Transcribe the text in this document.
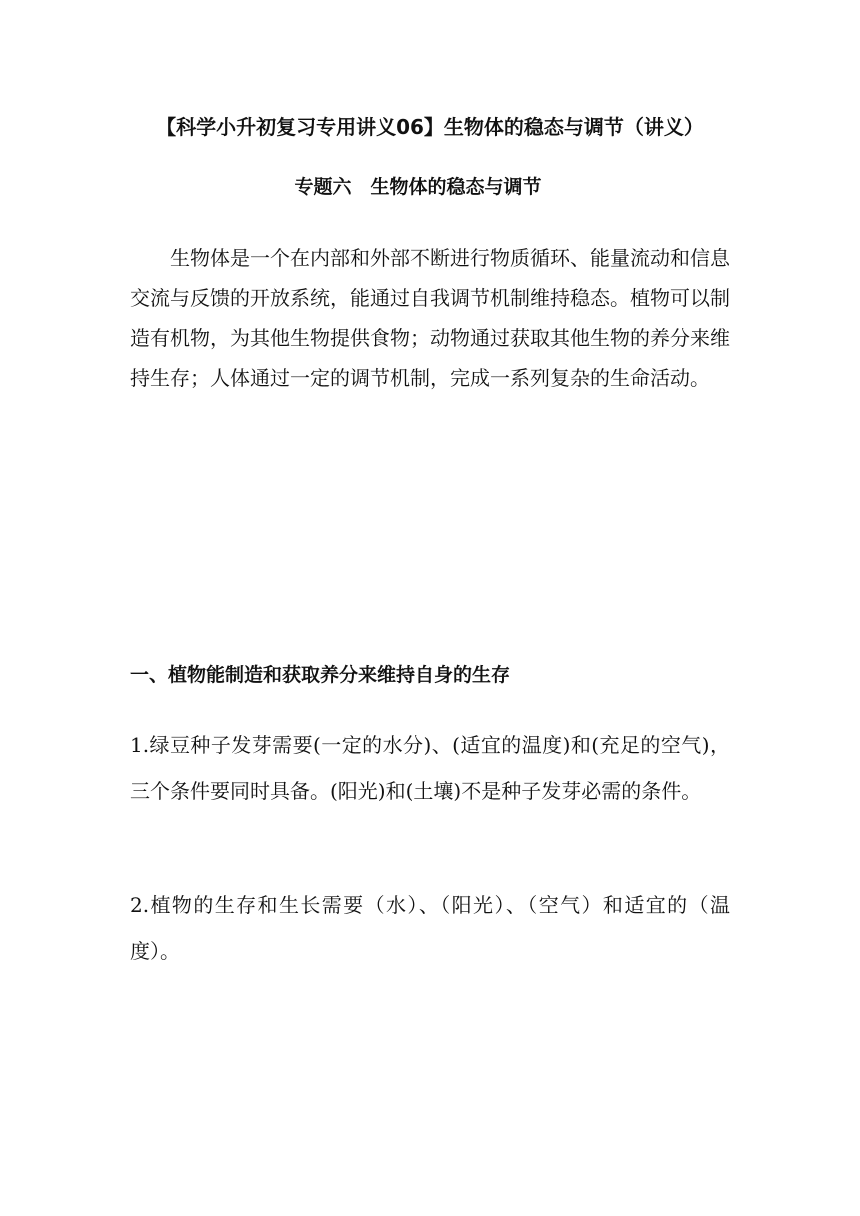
【科学小升初复习专用讲义06】生物体的稳态与调节（讲义）
专题六　生物体的稳态与调节

生物体是一个在内部和外部不断进行物质循环、能量流动和信息交流与反馈的开放系统，能通过自我调节机制维持稳态。植物可以制造有机物，为其他生物提供食物；动物通过获取其他生物的养分来维持生存；人体通过一定的调节机制，完成一系列复杂的生命活动。

一、植物能制造和获取养分来维持自身的生存

1.绿豆种子发芽需要(一定的水分)、(适宜的温度)和(充足的空气)，三个条件要同时具备。(阳光)和(土壤)不是种子发芽必需的条件。

2.植物的生存和生长需要（水）、（阳光）、（空气）和适宜的（温度）。
